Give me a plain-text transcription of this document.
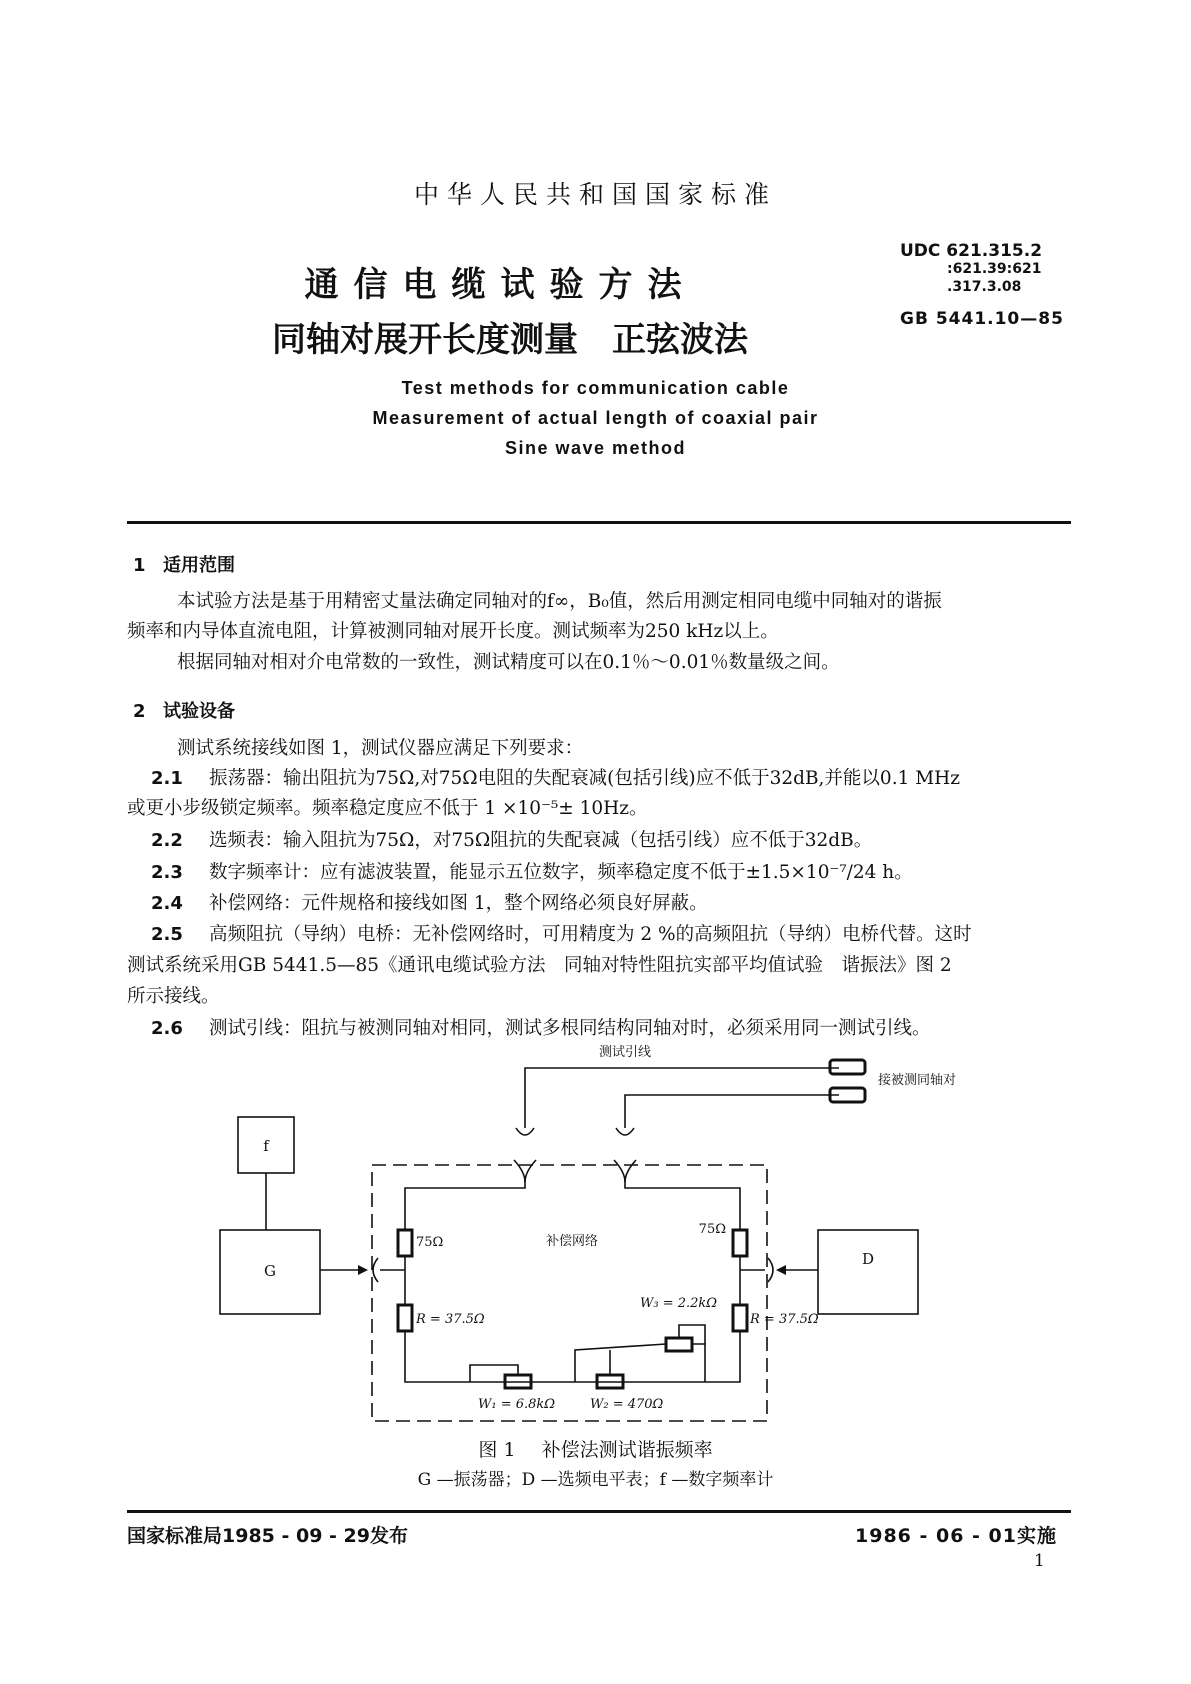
中华人民共和国国家标准
通信电缆试验方法
同轴对展开长度测量 正弦波法
UDC 621.315.2
:621.39:621
.317.3.08
GB 5441.10—85
Test methods for communication cable
Measurement of actual length of coaxial pair
Sine wave method
1 适用范围
本试验方法是基于用精密丈量法确定同轴对的f∞，B₀值，然后用测定相同电缆中同轴对的谐振
频率和内导体直流电阻，计算被测同轴对展开长度。测试频率为250 kHz以上。
根据同轴对相对介电常数的一致性，测试精度可以在0.1％～0.01％数量级之间。
2 试验设备
测试系统接线如图 1，测试仪器应满足下列要求：
2.1 振荡器：输出阻抗为75Ω,对75Ω电阻的失配衰减(包括引线)应不低于32dB,并能以0.1 MHz
或更小步级锁定频率。频率稳定度应不低于 1 ×10⁻⁵± 10Hz。
2.2 选频表：输入阻抗为75Ω，对75Ω阻抗的失配衰减（包括引线）应不低于32dB。
2.3 数字频率计：应有滤波装置，能显示五位数字，频率稳定度不低于±1.5×10⁻⁷/24 h。
2.4 补偿网络：元件规格和接线如图 1，整个网络必须良好屏蔽。
2.5 高频阻抗（导纳）电桥：无补偿网络时，可用精度为 2 %的高频阻抗（导纳）电桥代替。这时
测试系统采用GB 5441.5—85《通讯电缆试验方法　同轴对特性阻抗实部平均值试验　谐振法》图 2
所示接线。
2.6 测试引线：阻抗与被测同轴对相同，测试多根同结构同轴对时，必须采用同一测试引线。
测试引线
接被测同轴对
补偿网络
f
G
D
75Ω
75Ω
R = 37.5Ω	R = 37.5Ω
W₃ = 2.2kΩ
W₁ = 6.8kΩ	W₂ = 470Ω
图 1 补偿法测试谐振频率
G —振荡器；D —选频电平表；f —数字频率计
国家标准局1985 - 09 - 29发布	1986 - 06 - 01实施
1
